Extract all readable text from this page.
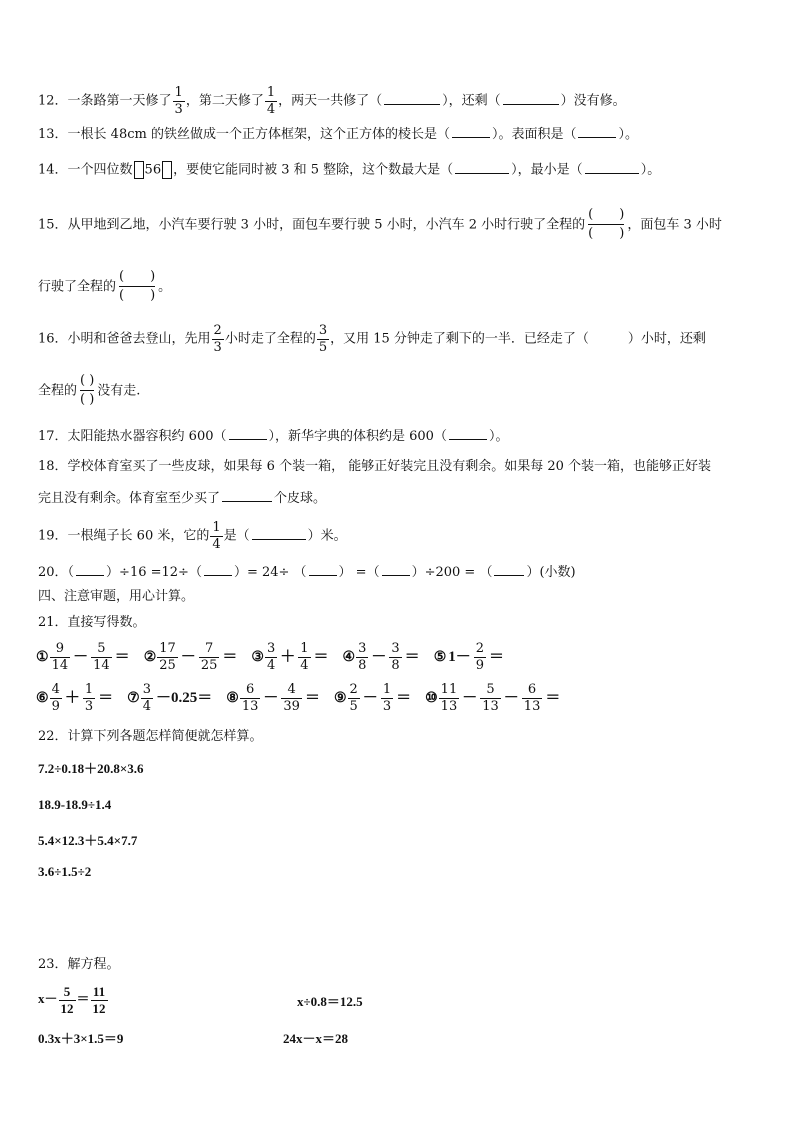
12．一条路第一天修了 $\frac{1}{3}$ ，第二天修了 $\frac{1}{4}$ ，两天一共修了（	），还剩（	）没有修。
13．一根长 48cm 的铁丝做成一个正方体框架，这个正方体的棱长是（	）。表面积是（	）。
14．一个四位数 56 ，要使它能同时被 3 和 5 整除，这个数最大是（	），最小是（	）。
15．从甲地到乙地，小汽车要行驶 3 小时，面包车要行驶 5 小时，小汽车 2 小时行驶了全程的
(　　)
(　　)
，面包车 3 小时
行驶了全程的
(　　)
(　　)
。
16．小明和爸爸去登山，先用 $\frac{2}{3}$ 小时走了全程的 $\frac{3}{5}$ ，又用 15 分钟走了剩下的一半．已经走了（　　　）小时，还剩
全程的
( )
( )
没有走.
17．太阳能热水器容积约 600（	），新华字典的体积约是 600（	）。
18．学校体育室买了一些皮球，如果每 6 个装一箱， 能够正好装完且没有剩余。如果每 20 个装一箱，也能够正好装
完且没有剩余。体育室至少买了	个皮球。
19．一根绳子长 60 米，它的 $\frac{1}{4}$ 是（	）米。
20．（ ）÷16 =12÷（ ）= 24÷ （ ） =（ ）÷200 = （	）(小数)
四、注意审题，用心计算。
21．直接写得数。
① $\frac{9}{14} - \frac{5}{14}$ ＝ ② $\frac{17}{25} - \frac{7}{25}$ ＝ ③ $\frac{3}{4} + \frac{1}{4}$ ＝ ④ $\frac{3}{8} - \frac{3}{8}$ ＝ ⑤ $1- \frac{2}{9}$ ＝
⑥ $\frac{4}{9} + \frac{1}{3}$ ＝ ⑦ $\frac{3}{4} -0.25=$ ⑧ $\frac{6}{13} - \frac{4}{39}$ ＝ ⑨ $\frac{2}{5} - \frac{1}{3}$ ＝ ⑩ $\frac{11}{13} - \frac{5}{13} - \frac{6}{13}$ ＝
22．计算下列各题怎样简便就怎样算。
7.2÷0.18＋20.8×3.6
18.9-18.9÷1.4
5.4×12.3＋5.4×7.7
3.6÷1.5÷2
23．解方程。
$x- \frac{5}{12} = \frac{11}{12}$	x÷0.8＝12.5
0.3x＋3×1.5＝9	24x－x＝28
